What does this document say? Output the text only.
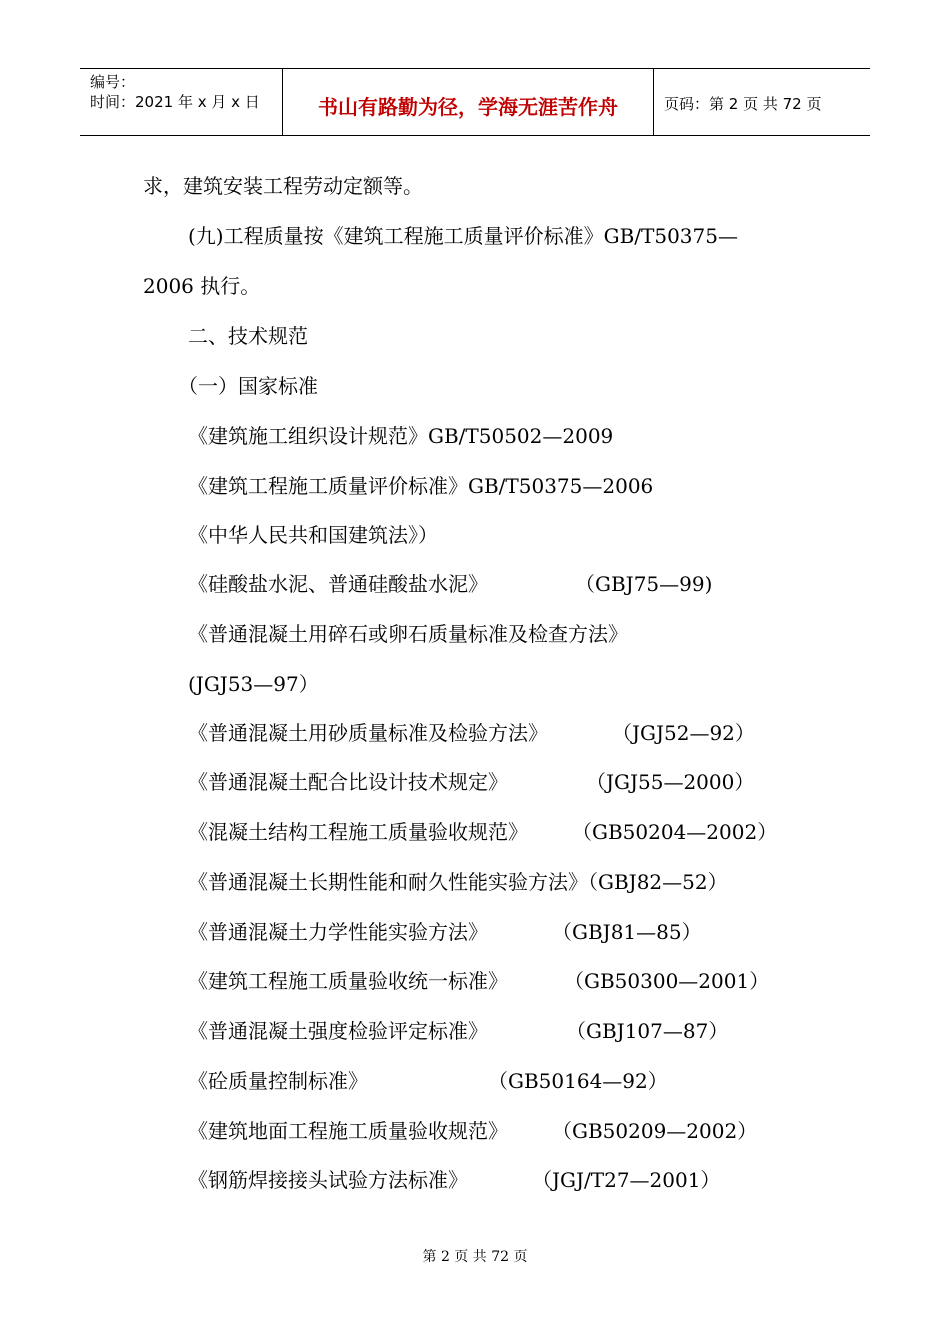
编号：
时间：2021 年 x 月 x 日	书山有路勤为径，学海无涯苦作舟	页码：第 2 页 共 72 页
求，建筑安装工程劳动定额等。
(九)工程质量按《建筑工程施工质量评价标准》GB/T50375—
2006 执行。
二、技术规范
（一）国家标准
《建筑施工组织设计规范》GB/T50502—2009
《建筑工程施工质量评价标准》GB/T50375—2006
《中华人民共和国建筑法》）
《硅酸盐水泥、普通硅酸盐水泥》	（GBJ75—99)
《普通混凝土用碎石或卵石质量标准及检查方法》
(JGJ53—97）
《普通混凝土用砂质量标准及检验方法》	（JGJ52—92）
《普通混凝土配合比设计技术规定》	（JGJ55—2000）
《混凝土结构工程施工质量验收规范》 （GB50204—2002）
《普通混凝土长期性能和耐久性能实验方法》（GBJ82—52）
《普通混凝土力学性能实验方法》	（GBJ81—85）
《建筑工程施工质量验收统一标准》	（GB50300—2001）
《普通混凝土强度检验评定标准》	（GBJ107—87）
《砼质量控制标准》	（GB50164—92）
《建筑地面工程施工质量验收规范》 （GB50209—2002）
《钢筋焊接接头试验方法标准》	（JGJ/T27—2001）
第 2 页 共 72 页
